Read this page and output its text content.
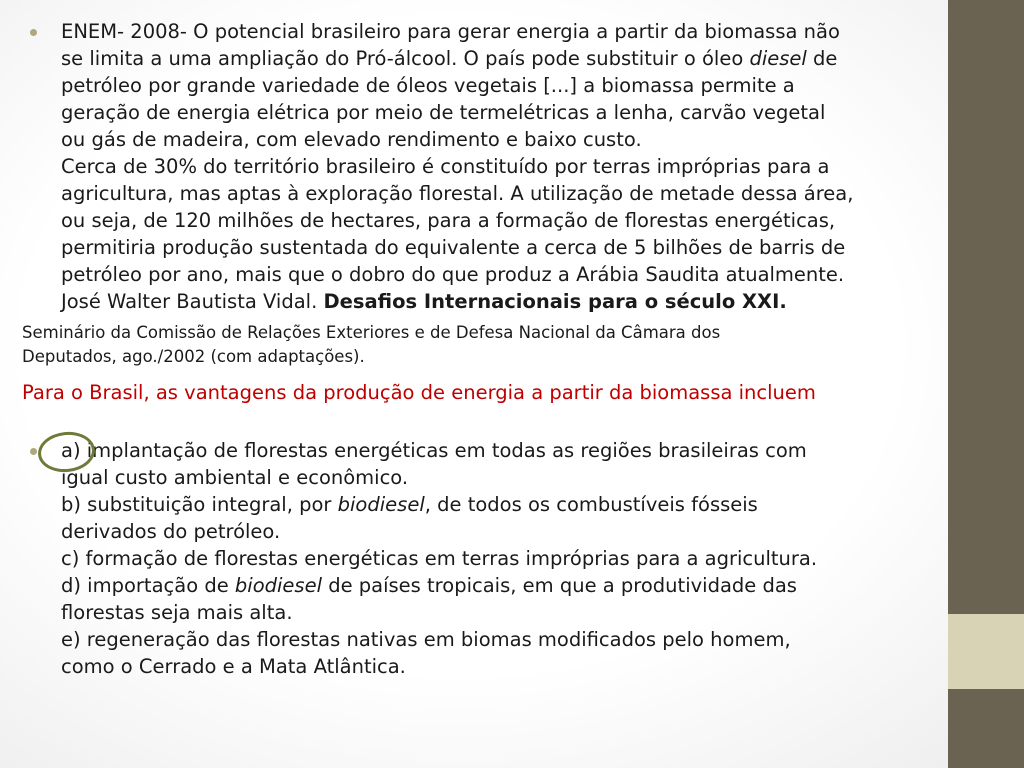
ENEM- 2008- O potencial brasileiro para gerar energia a partir da biomassa não
se limita a uma ampliação do Pró-álcool. O país pode substituir o óleo diesel de
petróleo por grande variedade de óleos vegetais [...] a biomassa permite a
geração de energia elétrica por meio de termelétricas a lenha, carvão vegetal
ou gás de madeira, com elevado rendimento e baixo custo.
Cerca de 30% do território brasileiro é constituído por terras impróprias para a
agricultura, mas aptas à exploração florestal. A utilização de metade dessa área,
ou seja, de 120 milhões de hectares, para a formação de florestas energéticas,
permitiria produção sustentada do equivalente a cerca de 5 bilhões de barris de
petróleo por ano, mais que o dobro do que produz a Arábia Saudita atualmente.
José Walter Bautista Vidal. Desafios Internacionais para o século XXI.
Seminário da Comissão de Relações Exteriores e de Defesa Nacional da Câmara dos
Deputados, ago./2002 (com adaptações).
Para o Brasil, as vantagens da produção de energia a partir da biomassa incluem
a) implantação de florestas energéticas em todas as regiões brasileiras com
igual custo ambiental e econômico.
b) substituição integral, por biodiesel, de todos os combustíveis fósseis
derivados do petróleo.
c) formação de florestas energéticas em terras impróprias para a agricultura.
d) importação de biodiesel de países tropicais, em que a produtividade das
florestas seja mais alta.
e) regeneração das florestas nativas em biomas modificados pelo homem,
como o Cerrado e a Mata Atlântica.
